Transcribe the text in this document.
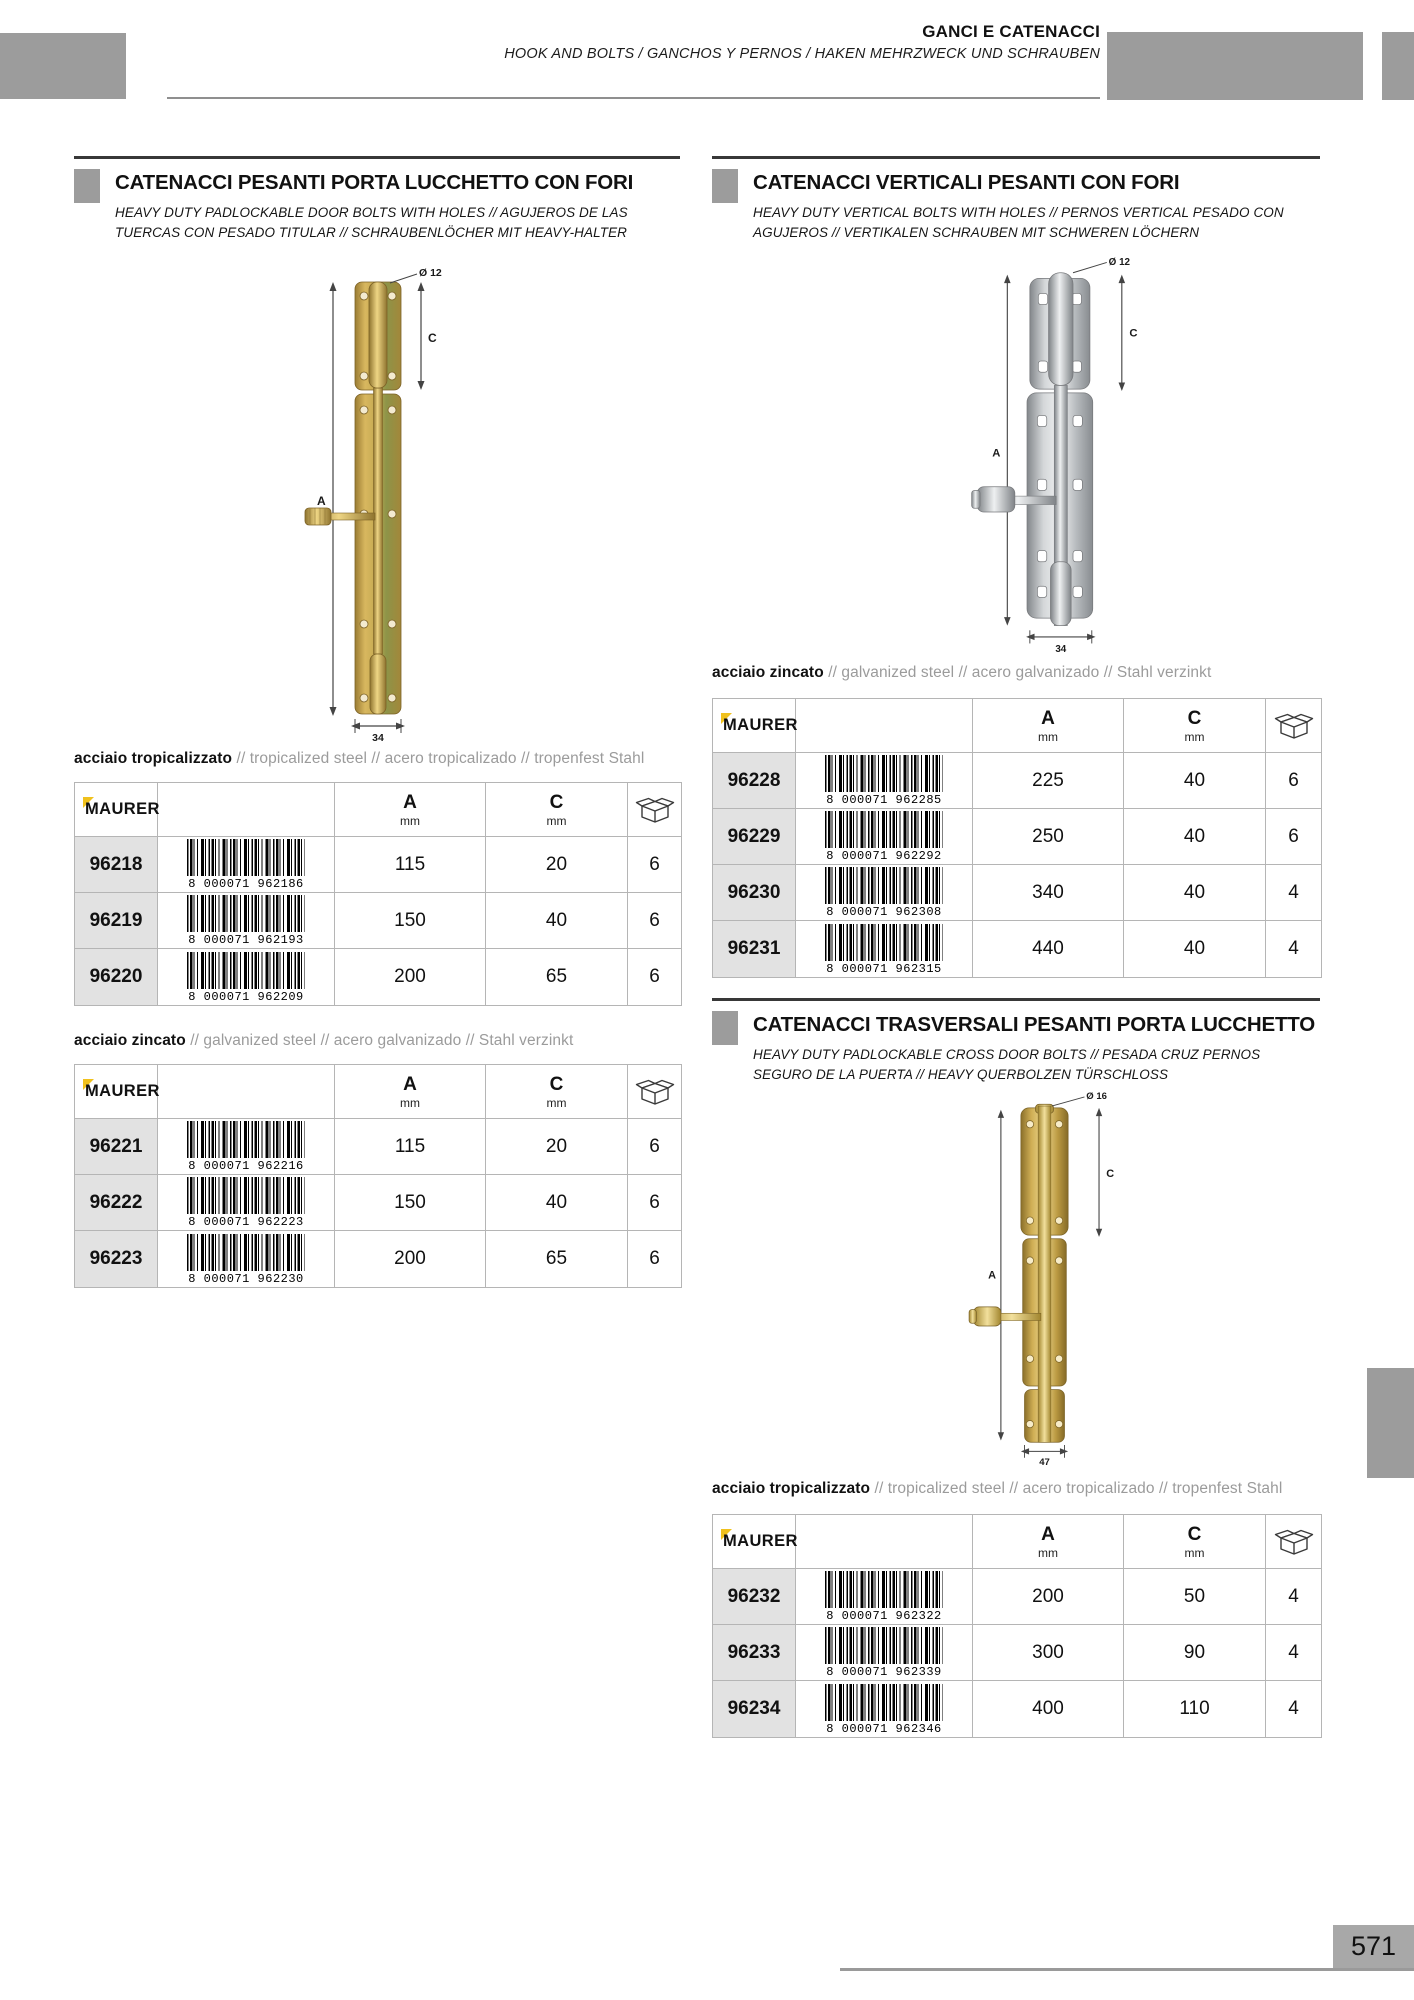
GANCI E CATENACCI
HOOK AND BOLTS / GANCHOS Y PERNOS / HAKEN MEHRZWECK UND SCHRAUBEN
CATENACCI PESANTI PORTA LUCCHETTO CON FORI
HEAVY DUTY PADLOCKABLE DOOR BOLTS WITH HOLES // AGUJEROS DE LAS TUERCAS CON PESADO TITULAR // SCHRAUBENLÖCHER MIT HEAVY-HALTER
A
C
Ø 12
34
acciaio tropicalizzato // tropicalized steel // acero tropicalizado // tropenfest Stahl
MAURER	A
mm
C
mm
96218
8 000071 962186
115	20	6
96219
8 000071 962193
150	40	6
96220
8 000071 962209
200	65	6
acciaio zincato // galvanized steel // acero galvanizado // Stahl verzinkt
MAURER	A
mm
C
mm
96221
8 000071 962216
115	20	6
96222
8 000071 962223
150	40	6
96223
8 000071 962230
200	65	6
CATENACCI VERTICALI PESANTI CON FORI
HEAVY DUTY VERTICAL BOLTS WITH HOLES // PERNOS VERTICAL PESADO CON AGUJEROS // VERTIKALEN SCHRAUBEN MIT SCHWEREN LÖCHERN
A
C
Ø 12
34
acciaio zincato // galvanized steel // acero galvanizado // Stahl verzinkt
MAURER	A
mm
C
mm
96228
8 000071 962285
225	40	6
96229
8 000071 962292
250	40	6
96230
8 000071 962308
340	40	4
96231
8 000071 962315
440	40	4
CATENACCI TRASVERSALI PESANTI PORTA LUCCHETTO
HEAVY DUTY PADLOCKABLE CROSS DOOR BOLTS // PESADA CRUZ PERNOS SEGURO DE LA PUERTA // HEAVY QUERBOLZEN TÜRSCHLOSS
A
C
Ø 16
47
acciaio tropicalizzato // tropicalized steel // acero tropicalizado // tropenfest Stahl
MAURER	A
mm
C
mm
96232
8 000071 962322
200	50	4
96233
8 000071 962339
300	90	4
96234
8 000071 962346
400	110	4
571
